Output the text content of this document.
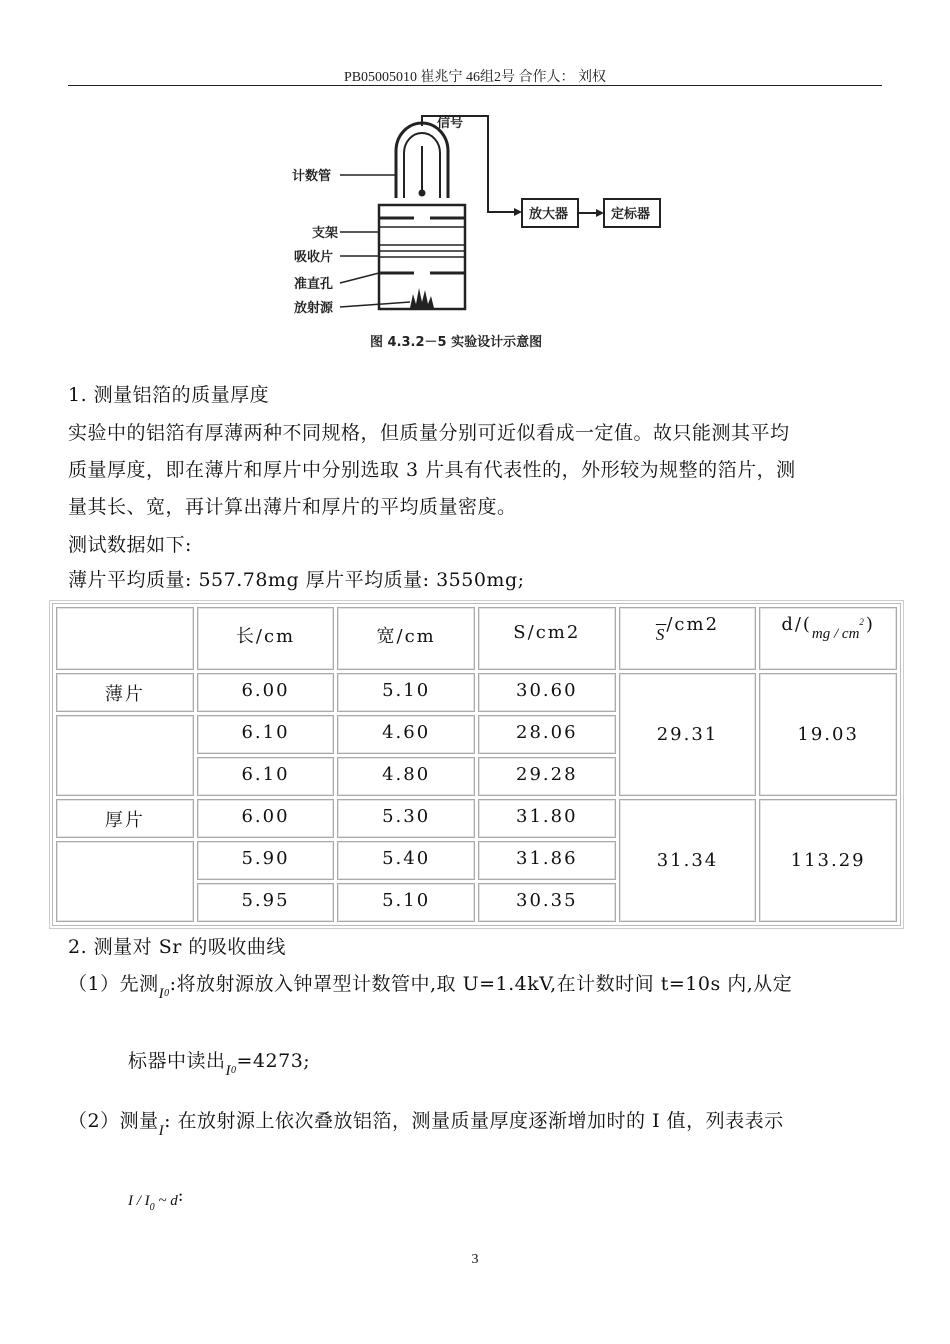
PB05005010 崔兆宁 46组2号 合作人： 刘权
信号
计数管
支架
吸收片
准直孔
放射源
放大器	定标器
图 4.3.2－5 实验设计示意图
1. 测量铝箔的质量厚度
实验中的铝箔有厚薄两种不同规格，但质量分别可近似看成一定值。故只能测其平均
质量厚度，即在薄片和厚片中分别选取 3 片具有代表性的，外形较为规整的箔片，测
量其长、宽，再计算出薄片和厚片的平均质量密度。
测试数据如下:
薄片平均质量: 557.78mg 厚片平均质量: 3550mg;
	长/cm	宽/cm	S/cm2	$\overline{S}/cm2$	$d/(_{mg / cm}^2)$
薄片	6.00	5.10	30.60	29.31	19.03
	6.10	4.60	28.06		
	6.10	4.80	29.28		
厚片	6.00	5.30	31.80	31.34	113.29
	5.90	5.40	31.86		
	5.95	5.10	30.35		
2. 测量对 Sr 的吸收曲线
（1）先测$_{I0}$:将放射源放入钟罩型计数管中,取 U=1.4kV,在计数时间 t=10s 内,从定
标器中读出$_{I0}$=4273;
（2）测量$_I$: 在放射源上依次叠放铝箔，测量质量厚度逐渐增加时的 I 值，列表表示
I / $I_0$ ~ d:
3
